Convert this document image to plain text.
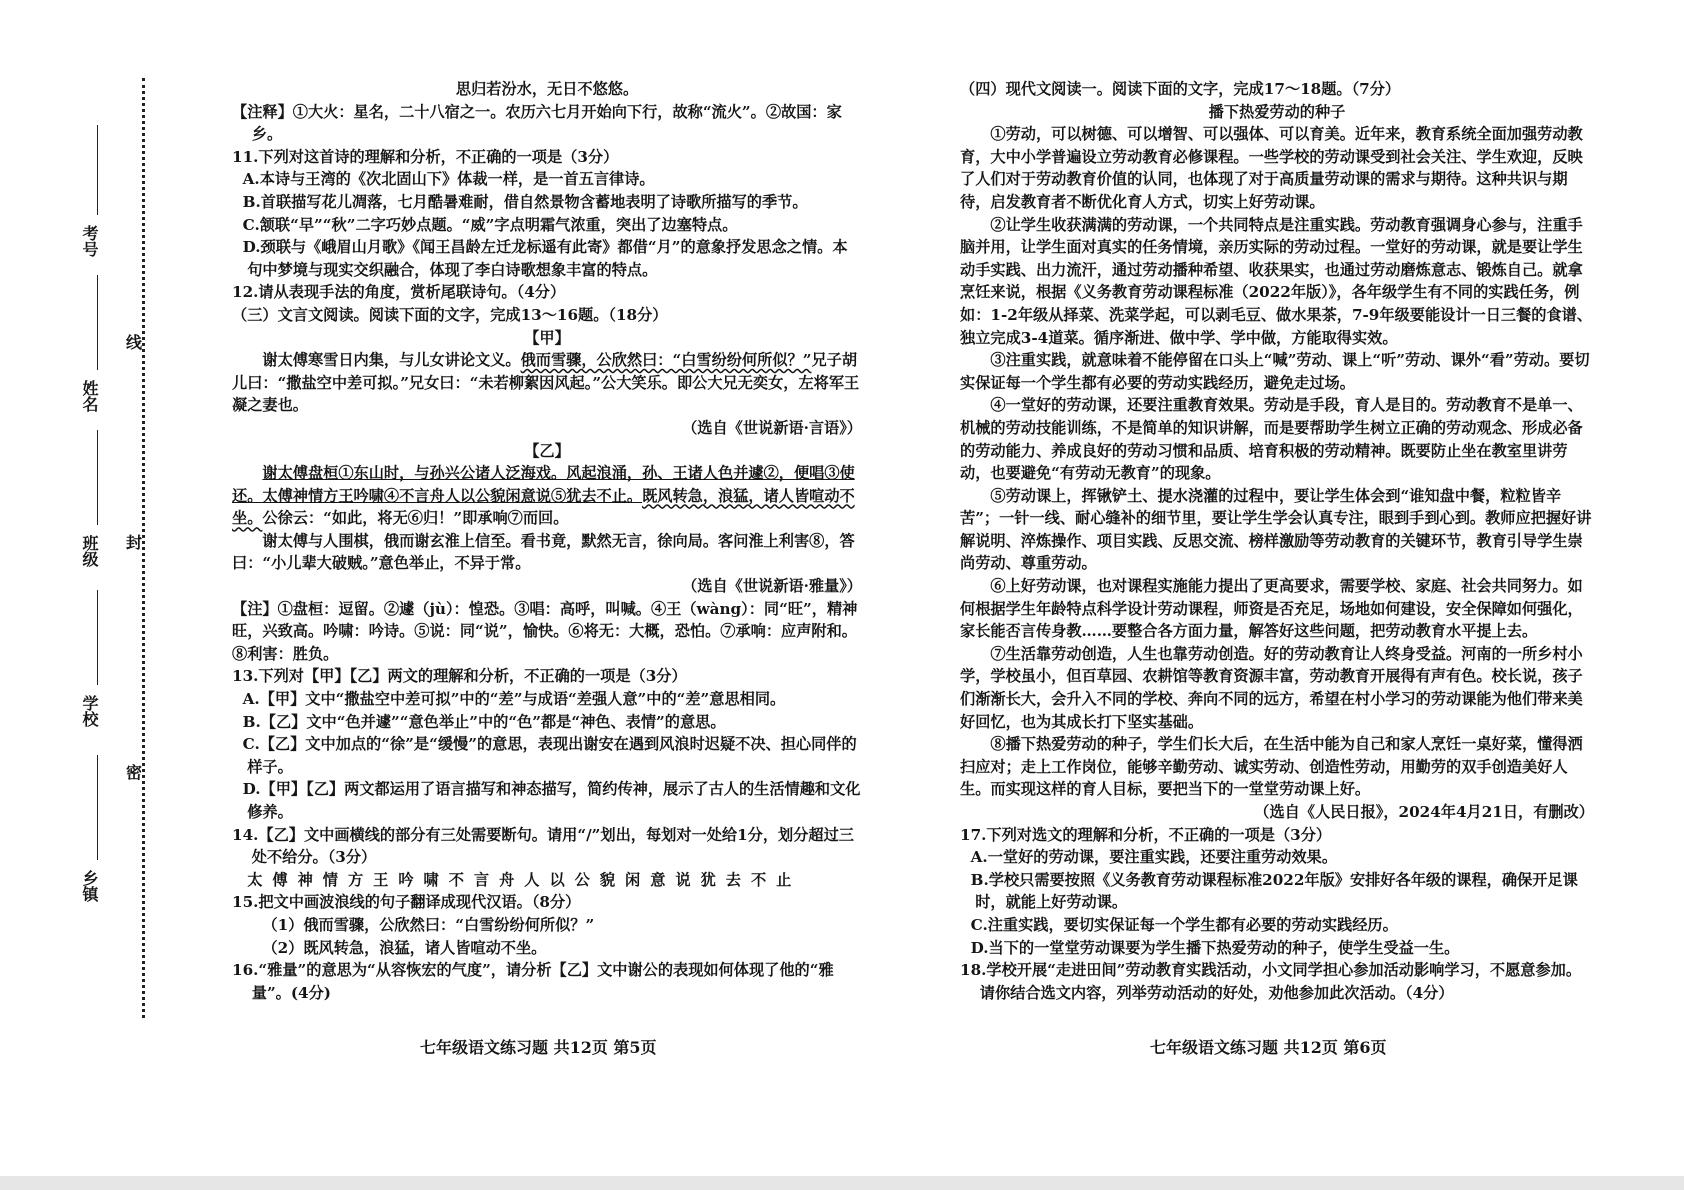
考号
姓名
班级
学校
乡镇
线
封
密

思归若汾水，无日不悠悠。

【注释】①大火：星名，二十八宿之一。农历六七月开始向下行，故称“流火”。②故国：家乡。

11.下列对这首诗的理解和分析，不正确的一项是（3分）

A.本诗与王湾的《次北固山下》体裁一样，是一首五言律诗。

B.首联描写花儿凋落，七月酷暑难耐，借自然景物含蓄地表明了诗歌所描写的季节。

C.颔联“早”“秋”二字巧妙点题。“威”字点明霜气浓重，突出了边塞特点。

D.颈联与《峨眉山月歌》《闻王昌龄左迁龙标遥有此寄》都借“月”的意象抒发思念之情。本句中梦境与现实交织融合，体现了李白诗歌想象丰富的特点。

12.请从表现手法的角度，赏析尾联诗句。（4分）

（三）文言文阅读。阅读下面的文字，完成13～16题。（18分）

【甲】

谢太傅寒雪日内集，与儿女讲论文义。俄而雪骤，公欣然曰：“白雪纷纷何所似？”兄子胡儿曰：“撒盐空中差可拟。”兄女曰：“未若柳絮因风起。”公大笑乐。即公大兄无奕女，左将军王凝之妻也。

（选自《世说新语·言语》）

【乙】

谢太傅盘桓①东山时，与孙兴公诸人泛海戏。风起浪涌，孙、王诸人色并遽②，便唱③使还。太傅神情方王吟啸④不言舟人以公貌闲意说⑤犹去不止。既风转急，浪猛，诸人皆喧动不坐。公徐云：“如此，将无⑥归！”即承响⑦而回。

谢太傅与人围棋，俄而谢玄淮上信至。看书竟，默然无言，徐向局。客问淮上利害⑧，答曰：“小儿辈大破贼。”意色举止，不异于常。

（选自《世说新语·雅量》）

【注】①盘桓：逗留。②遽（jù）：惶恐。③唱：高呼，叫喊。④王（wàng）：同“旺”，精神旺，兴致高。吟啸：吟诗。⑤说：同“说”，愉快。⑥将无：大概，恐怕。⑦承响：应声附和。⑧利害：胜负。

13.下列对【甲】【乙】两文的理解和分析，不正确的一项是（3分）

A.【甲】文中“撒盐空中差可拟”中的“差”与成语“差强人意”中的“差”意思相同。

B.【乙】文中“色并遽”“意色举止”中的“色”都是“神色、表情”的意思。

C.【乙】文中加点的“徐”是“缓慢”的意思，表现出谢安在遇到风浪时迟疑不决、担心同伴的样子。

D.【甲】【乙】两文都运用了语言描写和神态描写，简约传神，展示了古人的生活情趣和文化修养。

14.【乙】文中画横线的部分有三处需要断句。请用“/”划出，每划对一处给1分，划分超过三处不给分。（3分）

太傅神情方王吟啸不言舟人以公貌闲意说犹去不止

15.把文中画波浪线的句子翻译成现代汉语。（8分）

（1）俄而雪骤，公欣然曰：“白雪纷纷何所似？”

（2）既风转急，浪猛，诸人皆喧动不坐。

16.“雅量”的意思为“从容恢宏的气度”，请分析【乙】文中谢公的表现如何体现了他的“雅量”。(4分)

七年级语文练习题 共12页 第5页

（四）现代文阅读一。阅读下面的文字，完成17～18题。（7分）

播下热爱劳动的种子

①劳动，可以树德、可以增智、可以强体、可以育美。近年来，教育系统全面加强劳动教育，大中小学普遍设立劳动教育必修课程。一些学校的劳动课受到社会关注、学生欢迎，反映了人们对于劳动教育价值的认同，也体现了对于高质量劳动课的需求与期待。这种共识与期待，启发教育者不断优化育人方式，切实上好劳动课。

②让学生收获满满的劳动课，一个共同特点是注重实践。劳动教育强调身心参与，注重手脑并用，让学生面对真实的任务情境，亲历实际的劳动过程。一堂好的劳动课，就是要让学生动手实践、出力流汗，通过劳动播种希望、收获果实，也通过劳动磨炼意志、锻炼自己。就拿烹饪来说，根据《义务教育劳动课程标准（2022年版）》，各年级学生有不同的实践任务，例如：1-2年级从择菜、洗菜学起，可以剥毛豆、做水果茶，7-9年级要能设计一日三餐的食谱、独立完成3-4道菜。循序渐进、做中学、学中做，方能取得实效。

③注重实践，就意味着不能停留在口头上“喊”劳动、课上“听”劳动、课外“看”劳动。要切实保证每一个学生都有必要的劳动实践经历，避免走过场。

④一堂好的劳动课，还要注重教育效果。劳动是手段，育人是目的。劳动教育不是单一、机械的劳动技能训练，不是简单的知识讲解，而是要帮助学生树立正确的劳动观念、形成必备的劳动能力、养成良好的劳动习惯和品质、培育积极的劳动精神。既要防止坐在教室里讲劳动，也要避免“有劳动无教育”的现象。

⑤劳动课上，挥锹铲土、提水浇灌的过程中，要让学生体会到“谁知盘中餐，粒粒皆辛苦”；一针一线、耐心缝补的细节里，要让学生学会认真专注，眼到手到心到。教师应把握好讲解说明、淬炼操作、项目实践、反思交流、榜样激励等劳动教育的关键环节，教育引导学生崇尚劳动、尊重劳动。

⑥上好劳动课，也对课程实施能力提出了更高要求，需要学校、家庭、社会共同努力。如何根据学生年龄特点科学设计劳动课程，师资是否充足，场地如何建设，安全保障如何强化，家长能否言传身教……要整合各方面力量，解答好这些问题，把劳动教育水平提上去。

⑦生活靠劳动创造，人生也靠劳动创造。好的劳动教育让人终身受益。河南的一所乡村小学，学校虽小，但百草园、农耕馆等教育资源丰富，劳动教育开展得有声有色。校长说，孩子们渐渐长大，会升入不同的学校、奔向不同的远方，希望在村小学习的劳动课能为他们带来美好回忆，也为其成长打下坚实基础。

⑧播下热爱劳动的种子，学生们长大后，在生活中能为自己和家人烹饪一桌好菜，懂得洒扫应对；走上工作岗位，能够辛勤劳动、诚实劳动、创造性劳动，用勤劳的双手创造美好人生。而实现这样的育人目标，要把当下的一堂堂劳动课上好。

（选自《人民日报》，2024年4月21日，有删改）

17.下列对选文的理解和分析，不正确的一项是（3分）

A.一堂好的劳动课，要注重实践，还要注重劳动效果。

B.学校只需要按照《义务教育劳动课程标准2022年版》安排好各年级的课程，确保开足课时，就能上好劳动课。

C.注重实践，要切实保证每一个学生都有必要的劳动实践经历。

D.当下的一堂堂劳动课要为学生播下热爱劳动的种子，使学生受益一生。

18.学校开展“走进田间”劳动教育实践活动，小文同学担心参加活动影响学习，不愿意参加。请你结合选文内容，列举劳动活动的好处，劝他参加此次活动。（4分）

七年级语文练习题 共12页 第6页
